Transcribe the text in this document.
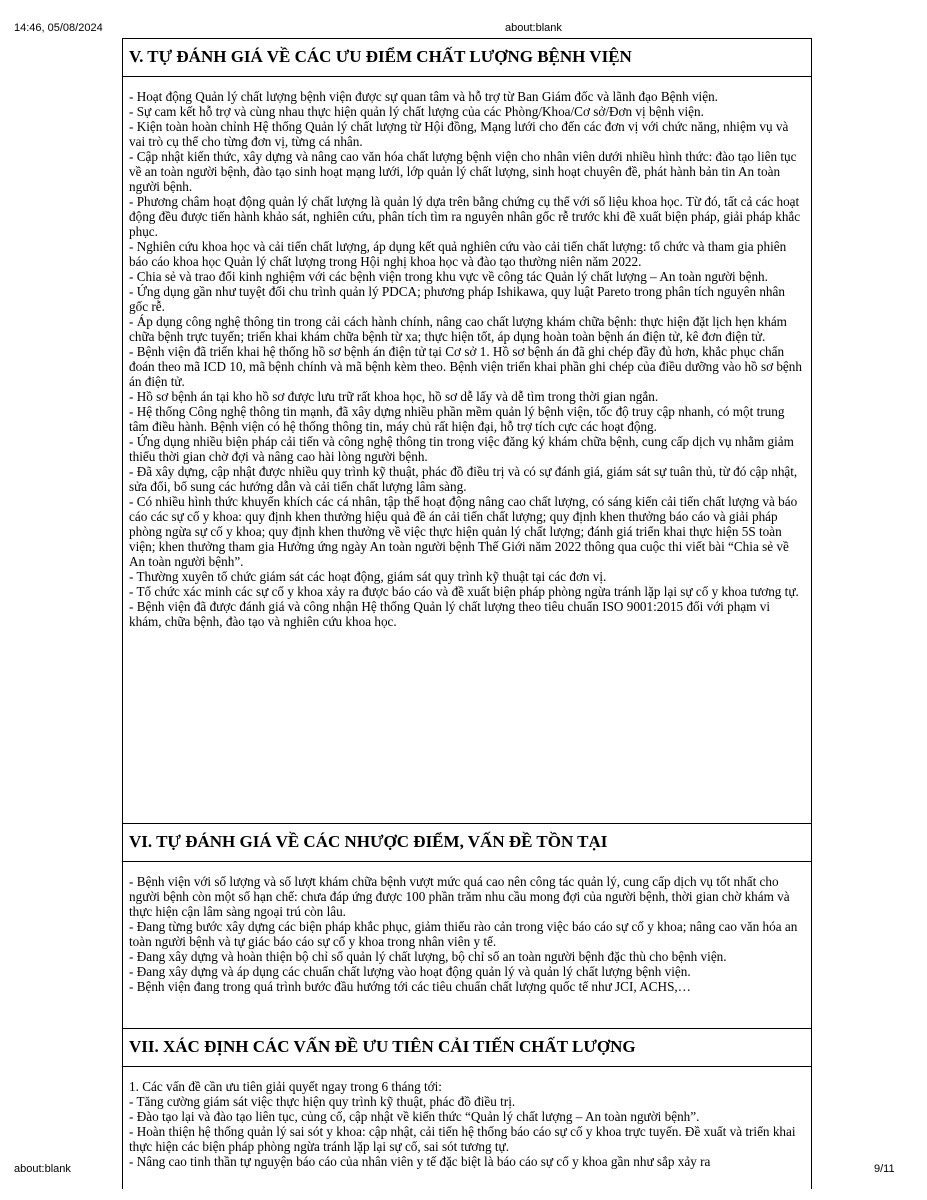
14:46, 05/08/2024	about:blank
V. TỰ ĐÁNH GIÁ VỀ CÁC ƯU ĐIỂM CHẤT LƯỢNG BỆNH VIỆN

- Hoạt động Quản lý chất lượng bệnh viện được sự quan tâm và hỗ trợ từ Ban Giám đốc và lãnh đạo Bệnh viện.
- Sự cam kết hỗ trợ và cùng nhau thực hiện quản lý chất lượng của các Phòng/Khoa/Cơ sở/Đơn vị bệnh viện.
- Kiện toàn hoàn chỉnh Hệ thống Quản lý chất lượng từ Hội đồng, Mạng lưới cho đến các đơn vị với chức năng, nhiệm vụ và vai trò cụ thể cho từng đơn vị, từng cá nhân.
- Cập nhật kiến thức, xây dựng và nâng cao văn hóa chất lượng bệnh viện cho nhân viên dưới nhiều hình thức: đào tạo liên tục về an toàn người bệnh, đào tạo sinh hoạt mạng lưới, lớp quản lý chất lượng, sinh hoạt chuyên đề, phát hành bản tin An toàn người bệnh.
- Phương châm hoạt động quản lý chất lượng là quản lý dựa trên bằng chứng cụ thể với số liệu khoa học. Từ đó, tất cả các hoạt động đều được tiến hành khảo sát, nghiên cứu, phân tích tìm ra nguyên nhân gốc rễ trước khi đề xuất biện pháp, giải pháp khắc phục.
- Nghiên cứu khoa học và cải tiến chất lượng, áp dụng kết quả nghiên cứu vào cải tiến chất lượng: tổ chức và tham gia phiên báo cáo khoa học Quản lý chất lượng trong Hội nghị khoa học và đào tạo thường niên năm 2022.
- Chia sẻ và trao đổi kinh nghiệm với các bệnh viện trong khu vực về công tác Quản lý chất lượng – An toàn người bệnh.
- Ứng dụng gần như tuyệt đối chu trình quản lý PDCA; phương pháp Ishikawa, quy luật Pareto trong phân tích nguyên nhân gốc rễ.
- Áp dụng công nghệ thông tin trong cải cách hành chính, nâng cao chất lượng khám chữa bệnh: thực hiện đặt lịch hẹn khám chữa bệnh trực tuyến; triển khai khám chữa bệnh từ xa; thực hiện tốt, áp dụng hoàn toàn bệnh án điện tử, kê đơn điện tử.
- Bệnh viện đã triển khai hệ thống hồ sơ bệnh án điện tử tại Cơ sở 1. Hồ sơ bệnh án đã ghi chép đầy đủ hơn, khắc phục chẩn đoán theo mã ICD 10, mã bệnh chính và mã bệnh kèm theo. Bệnh viện triển khai phần ghi chép của điều dưỡng vào hồ sơ bệnh án điện tử.
- Hồ sơ bệnh án tại kho hồ sơ được lưu trữ rất khoa học, hồ sơ dễ lấy và dễ tìm trong thời gian ngắn.
- Hệ thống Công nghệ thông tin mạnh, đã xây dựng nhiều phần mềm quản lý bệnh viện, tốc độ truy cập nhanh, có một trung tâm điều hành. Bệnh viện có hệ thống thông tin, máy chủ rất hiện đại, hỗ trợ tích cực các hoạt động.
- Ứng dụng nhiều biện pháp cải tiến và công nghệ thông tin trong việc đăng ký khám chữa bệnh, cung cấp dịch vụ nhằm giảm thiểu thời gian chờ đợi và nâng cao hài lòng người bệnh.
- Đã xây dựng, cập nhật được nhiều quy trình kỹ thuật, phác đồ điều trị và có sự đánh giá, giám sát sự tuân thủ, từ đó cập nhật, sửa đổi, bổ sung các hướng dẫn và cải tiến chất lượng lâm sàng.
- Có nhiều hình thức khuyến khích các cá nhân, tập thể hoạt động nâng cao chất lượng, có sáng kiến cải tiến chất lượng và báo cáo các sự cố y khoa: quy định khen thưởng hiệu quả đề án cải tiến chất lượng; quy định khen thưởng báo cáo và giải pháp phòng ngừa sự cố y khoa; quy định khen thưởng về việc thực hiện quản lý chất lượng; đánh giá triển khai thực hiện 5S toàn viện; khen thưởng tham gia Hưởng ứng ngày An toàn người bệnh Thế Giới năm 2022 thông qua cuộc thi viết bài “Chia sẻ về An toàn người bệnh”.
- Thường xuyên tổ chức giám sát các hoạt động, giám sát quy trình kỹ thuật tại các đơn vị.
- Tổ chức xác minh các sự cố y khoa xảy ra được báo cáo và đề xuất biện pháp phòng ngừa tránh lặp lại sự cố y khoa tương tự.
- Bệnh viện đã được đánh giá và công nhận Hệ thống Quản lý chất lượng theo tiêu chuẩn ISO 9001:2015 đối với phạm vi khám, chữa bệnh, đào tạo và nghiên cứu khoa học.

VI. TỰ ĐÁNH GIÁ VỀ CÁC NHƯỢC ĐIỂM, VẤN ĐỀ TỒN TẠI

- Bệnh viện với số lượng và số lượt khám chữa bệnh vượt mức quá cao nên công tác quản lý, cung cấp dịch vụ tốt nhất cho người bệnh còn một số hạn chế: chưa đáp ứng được 100 phần trăm nhu cầu mong đợi của người bệnh, thời gian chờ khám và thực hiện cận lâm sàng ngoại trú còn lâu.
- Đang từng bước xây dựng các biện pháp khắc phục, giảm thiểu rào cản trong việc báo cáo sự cố y khoa; nâng cao văn hóa an toàn người bệnh và tự giác báo cáo sự cố y khoa trong nhân viên y tế.
- Đang xây dựng và hoàn thiện bộ chỉ số quản lý chất lượng, bộ chỉ số an toàn người bệnh đặc thù cho bệnh viện.
- Đang xây dựng và áp dụng các chuẩn chất lượng vào hoạt động quản lý và quản lý chất lượng bệnh viện.
- Bệnh viện đang trong quá trình bước đầu hướng tới các tiêu chuẩn chất lượng quốc tế như JCI, ACHS,…

VII. XÁC ĐỊNH CÁC VẤN ĐỀ ƯU TIÊN CẢI TIẾN CHẤT LƯỢNG

1. Các vấn đề cần ưu tiên giải quyết ngay trong 6 tháng tới:
- Tăng cường giám sát việc thực hiện quy trình kỹ thuật, phác đồ điều trị.
- Đào tạo lại và đào tạo liên tục, củng cố, cập nhật về kiến thức “Quản lý chất lượng – An toàn người bệnh”.
- Hoàn thiện hệ thống quản lý sai sót y khoa: cập nhật, cải tiến hệ thống báo cáo sự cố y khoa trực tuyến. Đề xuất và triển khai thực hiện các biện pháp phòng ngừa tránh lặp lại sự cố, sai sót tương tự.
- Nâng cao tinh thần tự nguyện báo cáo của nhân viên y tế đặc biệt là báo cáo sự cố y khoa gần như sắp xảy ra
about:blank	9/11
